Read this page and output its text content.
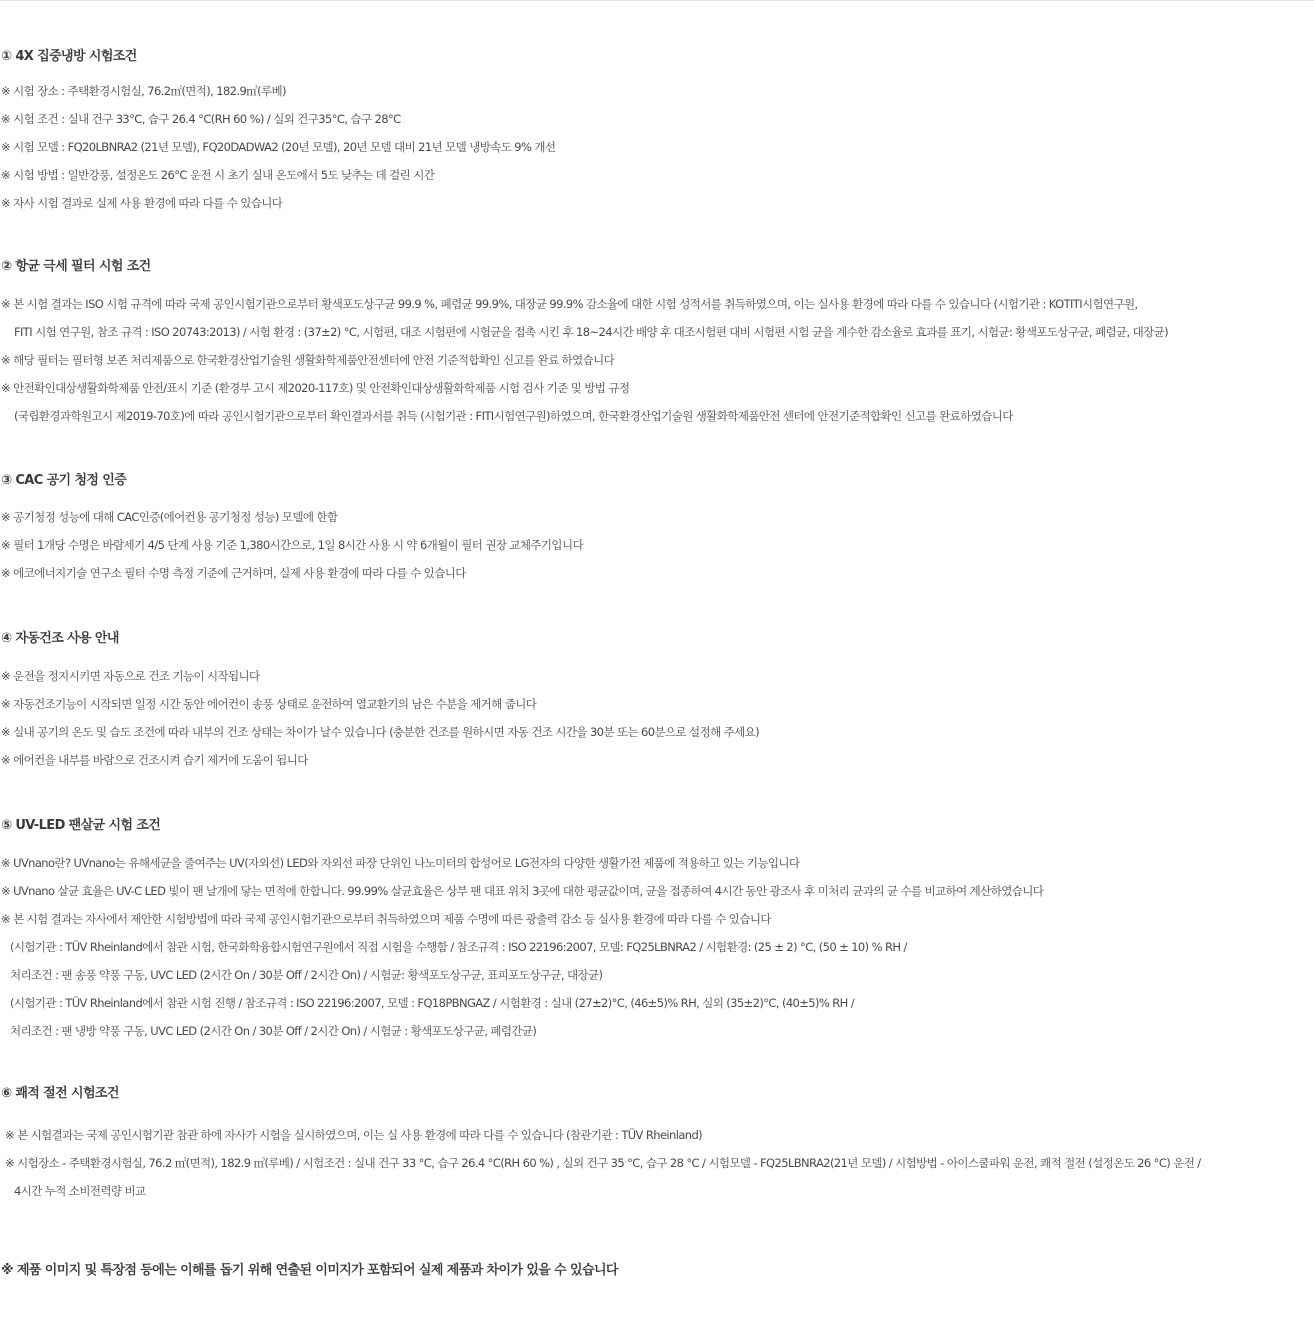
① 4X 집중냉방 시험조건
※ 시험 장소 : 주택환경시험실, 76.2㎡(면적), 182.9㎥(루베)
※ 시험 조건 : 실내 건구 33°C, 습구 26.4 °C(RH 60 %) / 실외 건구35°C, 습구 28°C
※ 시험 모델 : FQ20LBNRA2 (21년 모델), FQ20DADWA2 (20년 모델), 20년 모델 대비 21년 모델 냉방속도 9% 개선
※ 시험 방법 : 일반강풍, 설정온도 26°C 운전 시 초기 실내 온도에서 5도 낮추는 데 걸린 시간
※ 자사 시험 결과로 실제 사용 환경에 따라 다를 수 있습니다
② 항균 극세 필터 시험 조건
※ 본 시험 결과는 ISO 시험 규격에 따라 국제 공인시험기관으로부터 황색포도상구균 99.9 %, 폐렴균 99.9%, 대장균 99.9% 감소율에 대한 시험 성적서를 취득하였으며, 이는 실사용 환경에 따라 다를 수 있습니다 (시험기관 : KOTITI시험연구원,
FITI 시험 연구원, 참조 규격 : ISO 20743:2013) / 시험 환경 : (37±2) °C, 시험편, 대조 시험편에 시험균을 접촉 시킨 후 18~24시간 배양 후 대조시험편 대비 시험편 시험 균을 계수한 감소율로 효과를 표기, 시험균: 황색포도상구균, 폐렴균, 대장균)
※ 해당 필터는 필터형 보존 처리제품으로 한국환경산업기술원 생활화학제품안전센터에 안전 기준적합확인 신고를 완료 하였습니다
※ 안전확인대상생활화학제품 안전/표시 기준 (환경부 고시 제2020-117호) 및 안전확인대상생활화학제품 시험 검사 기준 및 방법 규정
(국립환경과학원고시 제2019-70호)에 따라 공인시험기관으로부터 확인결과서를 취득 (시험기관 : FITI시험연구원)하였으며, 한국환경산업기술원 생활화학제품안전 센터에 안전기준적합확인 신고를 완료하였습니다
③ CAC 공기 청정 인증
※ 공기청정 성능에 대해 CAC인증(에어컨용 공기청정 성능) 모델에 한함
※ 필터 1개당 수명은 바람세기 4/5 단계 사용 기준 1,380시간으로, 1일 8시간 사용 시 약 6개월이 필터 권장 교체주기입니다
※ 에코에너지기술 연구소 필터 수명 측정 기준에 근거하며, 실제 사용 환경에 따라 다를 수 있습니다
④ 자동건조 사용 안내
※ 운전을 정지시키면 자동으로 건조 기능이 시작됩니다
※ 자동건조기능이 시작되면 일정 시간 동안 에어컨이 송풍 상태로 운전하여 열교환기의 남은 수분을 제거해 줍니다
※ 실내 공기의 온도 및 습도 조건에 따라 내부의 건조 상태는 차이가 날수 있습니다 (충분한 건조를 원하시면 자동 건조 시간을 30분 또는 60분으로 설정해 주세요)
※ 에어컨을 내부를 바람으로 건조시켜 습기 제거에 도움이 됩니다
⑤ UV-LED 팬살균 시험 조건
※ UVnano란? UVnano는 유해세균을 줄여주는 UV(자외선) LED와 자외선 파장 단위인 나노미터의 합성어로 LG전자의 다양한 생활가전 제품에 적용하고 있는 기능입니다
※ UVnano 살균 효율은 UV-C LED 빛이 팬 날개에 닿는 면적에 한합니다. 99.99% 살균효율은 상부 팬 대표 위치 3곳에 대한 평균값이며, 균을 접종하여 4시간 동안 광조사 후 미처리 균과의 균 수를 비교하여 계산하였습니다
※ 본 시험 결과는 자사에서 제안한 시험방법에 따라 국제 공인시험기관으로부터 취득하였으며 제품 수명에 따른 광출력 감소 등 실사용 환경에 따라 다를 수 있습니다
(시험기관 : TÜV Rheinland에서 참관 시험, 한국화학융합시험연구원에서 직접 시험을 수행함 / 참조규격 : ISO 22196:2007, 모델: FQ25LBNRA2 / 시험환경: (25 ± 2) °C, (50 ± 10) % RH /
처리조건 : 팬 송풍 약풍 구동, UVC LED (2시간 On / 30분 Off / 2시간 On) / 시험균: 황색포도상구균, 표피포도상구균, 대장균)
(시험기관 : TÜV Rheinland에서 참관 시험 진행 / 참조규격 : ISO 22196:2007, 모델 : FQ18PBNGAZ / 시험환경 : 실내 (27±2)°C, (46±5)% RH, 실외 (35±2)°C, (40±5)% RH /
처리조건 : 팬 냉방 약풍 구동, UVC LED (2시간 On / 30분 Off / 2시간 On) / 시험균 : 황색포도상구균, 폐렴간균)
⑥ 쾌적 절전 시험조건
※ 본 시험결과는 국제 공인시험기관 참관 하에 자사가 시험을 실시하였으며, 이는 실 사용 환경에 따라 다를 수 있습니다 (참관기관 : TÜV Rheinland)
※ 시험장소 - 주택환경시험실, 76.2 ㎡(면적), 182.9 ㎥(루베) / 시험조건 : 실내 건구 33 °C, 습구 26.4 °C(RH 60 %) , 실외 건구 35 °C, 습구 28 °C / 시험모델 - FQ25LBNRA2(21년 모델) / 시험방법 - 아이스쿨파워 운전, 쾌적 절전 (설정온도 26 °C) 운전 /
4시간 누적 소비전력량 비교
※ 제품 이미지 및 특장점 등에는 이해를 돕기 위해 연출된 이미지가 포함되어 실제 제품과 차이가 있을 수 있습니다
